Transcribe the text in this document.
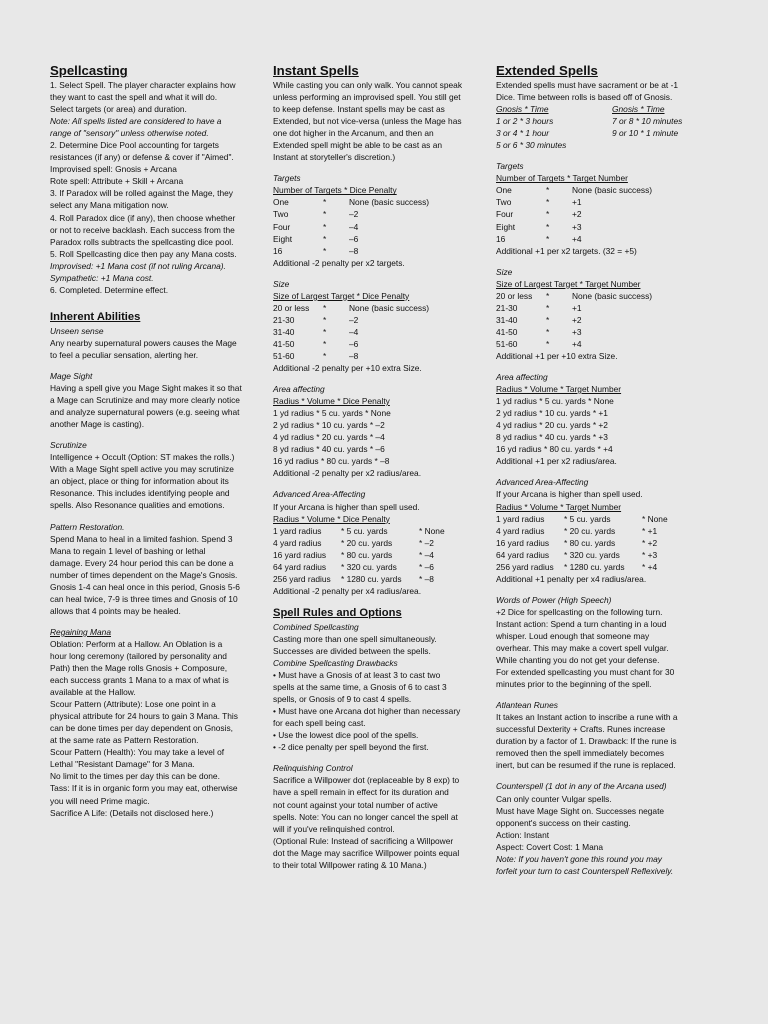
Spellcasting

1. Select Spell. The player character explains how

they want to cast the spell and what it will do.

Select targets (or area) and duration.

Note: All spells listed are considered to have a

range of "sensory" unless otherwise noted.

2. Determine Dice Pool accounting for targets

resistances (if any) or defense & cover if "Aimed".

Improvised spell: Gnosis + Arcana

Rote spell: Attribute + Skill + Arcana

3. If Paradox will be rolled against the Mage, they

select any Mana mitigation now.

4. Roll Paradox dice (if any), then choose whether

or not to receive backlash. Each success from the

Paradox rolls subtracts the spellcasting dice pool.

5. Roll Spellcasting dice then pay any Mana costs.

Improvised: +1 Mana cost (if not ruling Arcana).

Sympathetic: +1 Mana cost.

6. Completed. Determine effect.

Inherent Abilities

Unseen sense

Any nearby supernatural powers causes the Mage

to feel a peculiar sensation, alerting her.

Mage Sight

Having a spell give you Mage Sight makes it so that

a Mage can Scrutinize and may more clearly notice

and analyze supernatural powers (e.g. seeing what

another Mage is casting).

Scrutinize

Intelligence + Occult (Option: ST makes the rolls.)

With a Mage Sight spell active you may scrutinize

an object, place or thing for information about its

Resonance. This includes identifying people and

spells. Also Resonance qualities and emotions.

Pattern Restoration.

Spend Mana to heal in a limited fashion. Spend 3

Mana to regain 1 level of bashing or lethal

damage. Every 24 hour period this can be done a

number of times dependent on the Mage's Gnosis.

Gnosis 1-4 can heal once in this period, Gnosis 5-6

can heal twice, 7-9 is three times and Gnosis of 10

allows that 4 points may be healed.

Regaining Mana

Oblation: Perform at a Hallow. An Oblation is a

hour long ceremony (tailored by personality and

Path) then the Mage rolls Gnosis + Composure,

each success grants 1 Mana to a max of what is

available at the Hallow.

Scour Pattern (Attribute): Lose one point in a

physical attribute for 24 hours to gain 3 Mana. This

can be done times per day dependent on Gnosis,

at the same rate as Pattern Restoration.

Scour Pattern (Health): You may take a level of

Lethal "Resistant Damage" for 3 Mana.

No limit to the times per day this can be done.

Tass: If it is in organic form you may eat, otherwise

you will need Prime magic.

Sacrifice A Life: (Details not disclosed here.)

Instant Spells

While casting you can only walk. You cannot speak

unless performing an improvised spell. You still get

to keep defense. Instant spells may be cast as

Extended, but not vice-versa (unless the Mage has

one dot higher in the Arcanum, and then an

Extended spell might be able to be cast as an

Instant at storyteller's discretion.)

Targets

Number of Targets * Dice Penalty

One	*	None (basic success)
Two	*	–2
Four	*	–4
Eight	*	–6
16	*	–8

Additional -2 penalty per x2 targets.

Size

Size of Largest Target * Dice Penalty

20 or less	*	None (basic success)
21-30	*	–2
31-40	*	–4
41-50	*	–6
51-60	*	–8

Additional -2 penalty per +10 extra Size.

Area affecting

Radius * Volume * Dice Penalty

1 yd radius * 5 cu. yards * None

2 yd radius * 10 cu. yards * –2

4 yd radius * 20 cu. yards * –4

8 yd radius * 40 cu. yards * –6

16 yd radius * 80 cu. yards * –8

Additional -2 penalty per x2 radius/area.

Advanced Area-Affecting

If your Arcana is higher than spell used.

Radius * Volume * Dice Penalty

1 yard radius	* 5 cu. yards	* None
4 yard radius	* 20 cu. yards	* –2
16 yard radius	* 80 cu. yards	* –4
64 yard radius	* 320 cu. yards	* –6
256 yard radius	* 1280 cu. yards	* –8

Additional -2 penalty per x4 radius/area.

Spell Rules and Options

Combined Spellcasting

Casting more than one spell simultaneously.

Successes are divided between the spells.

Combine Spellcasting Drawbacks

• Must have a Gnosis of at least 3 to cast two

spells at the same time, a Gnosis of 6 to cast 3

spells, or Gnosis of 9 to cast 4 spells.

• Must have one Arcana dot higher than necessary

for each spell being cast.

• Use the lowest dice pool of the spells.

• -2 dice penalty per spell beyond the first.

Relinquishing Control

Sacrifice a Willpower dot (replaceable by 8 exp) to

have a spell remain in effect for its duration and

not count against your total number of active

spells. Note: You can no longer cancel the spell at

will if you've relinquished control.

(Optional Rule: Instead of sacrificing a Willpower

dot the Mage may sacrifice Willpower points equal

to their total Willpower rating & 10 Mana.)

Extended Spells

Extended spells must have sacrament or be at -1

Dice. Time between rolls is based off of Gnosis.

Gnosis * Time

1 or 2 * 3 hours

3 or 4 * 1 hour

5 or 6 * 30 minutes

Gnosis * Time

7 or 8 * 10 minutes

9 or 10 * 1 minute

Targets

Number of Targets * Target Number

One	*	None (basic success)
Two	*	+1
Four	*	+2
Eight	*	+3
16	*	+4

Additional +1 per x2 targets. (32 = +5)

Size

Size of Largest Target * Target Number

20 or less	*	None (basic success)
21-30	*	+1
31-40	*	+2
41-50	*	+3
51-60	*	+4

Additional +1 per +10 extra Size.

Area affecting

Radius * Volume * Target Number

1 yd radius * 5 cu. yards * None

2 yd radius * 10 cu. yards * +1

4 yd radius * 20 cu. yards * +2

8 yd radius * 40 cu. yards * +3

16 yd radius * 80 cu. yards * +4

Additional +1 per x2 radius/area.

Advanced Area-Affecting

If your Arcana is higher than spell used.

Radius * Volume * Target Number

1 yard radius	* 5 cu. yards	* None
4 yard radius	* 20 cu. yards	* +1
16 yard radius	* 80 cu. yards	* +2
64 yard radius	* 320 cu. yards	* +3
256 yard radius	* 1280 cu. yards	* +4

Additional +1 penalty per x4 radius/area.

Words of Power (High Speech)

+2 Dice for spellcasting on the following turn.

Instant action: Spend a turn chanting in a loud

whisper. Loud enough that someone may

overhear. This may make a covert spell vulgar.

While chanting you do not get your defense.

For extended spellcasting you must chant for 30

minutes prior to the beginning of the spell.

Atlantean Runes

It takes an Instant action to inscribe a rune with a

successful Dexterity + Crafts. Runes increase

duration by a factor of 1. Drawback: If the rune is

removed then the spell immediately becomes

inert, but can be resumed if the rune is replaced.

Counterspell (1 dot in any of the Arcana used)

Can only counter Vulgar spells.

Must have Mage Sight on. Successes negate

opponent's success on their casting.

Action: Instant

Aspect: Covert Cost: 1 Mana

Note: If you haven't gone this round you may

forfeit your turn to cast Counterspell Reflexively.
